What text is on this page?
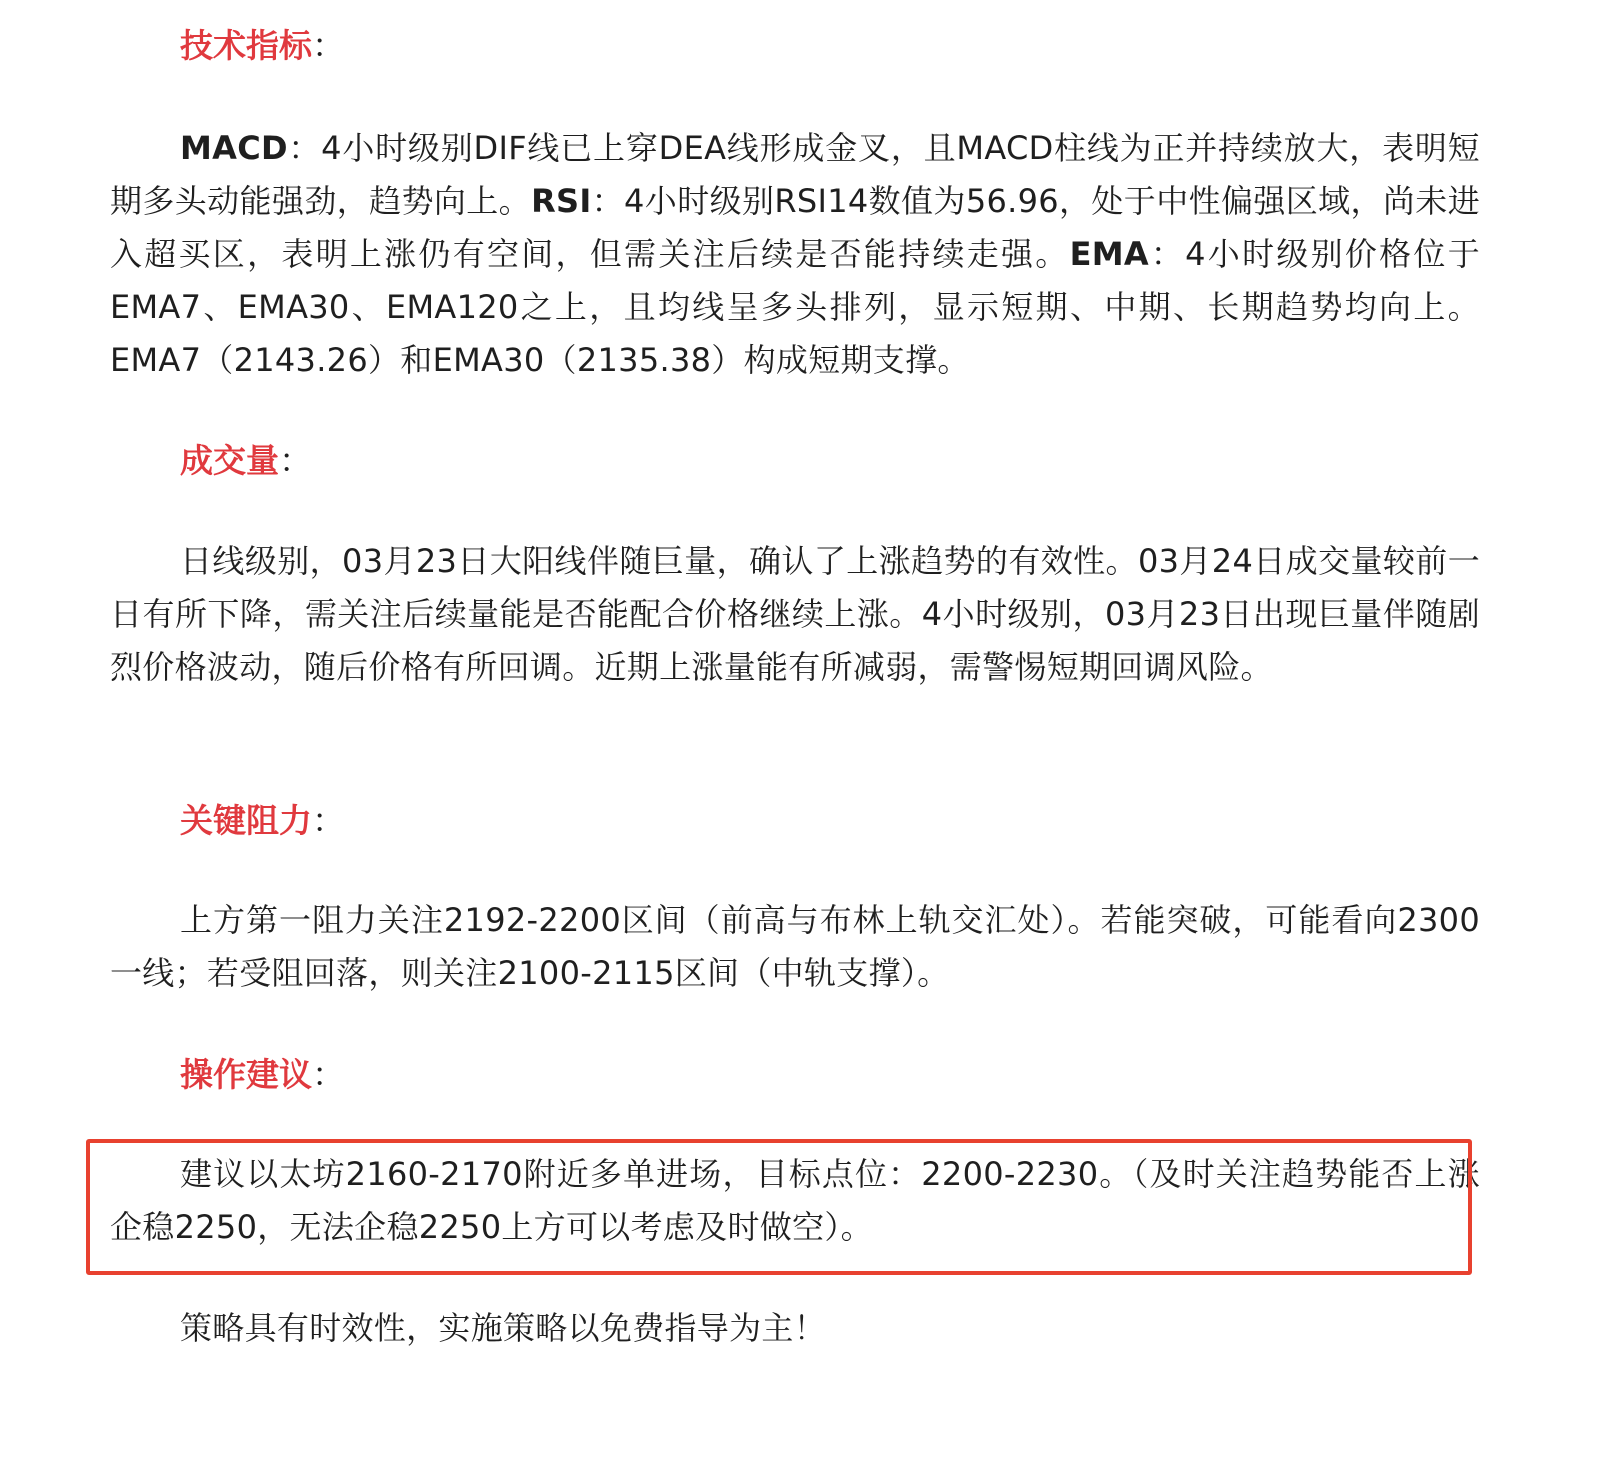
技术指标：
MACD：4小时级别DIF线已上穿DEA线形成金叉，且MACD柱线为正并持续放大，表明短期多头动能强劲，趋势向上。RSI：4小时级别RSI14数值为56.96，处于中性偏强区域，尚未进入超买区，表明上涨仍有空间，但需关注后续是否能持续走强。EMA：4小时级别价格位于EMA7、EMA30、EMA120之上，且均线呈多头排列，显示短期、中期、长期趋势均向上。EMA7（2143.26）和EMA30（2135.38）构成短期支撑。
成交量：
日线级别，03月23日大阳线伴随巨量，确认了上涨趋势的有效性。03月24日成交量较前一日有所下降，需关注后续量能是否能配合价格继续上涨。4小时级别，03月23日出现巨量伴随剧烈价格波动，随后价格有所回调。近期上涨量能有所减弱，需警惕短期回调风险。
关键阻力：
上方第一阻力关注2192-2200区间（前高与布林上轨交汇处）。若能突破，可能看向2300一线；若受阻回落，则关注2100-2115区间（中轨支撑）。
操作建议：
建议以太坊2160-2170附近多单进场，目标点位：2200-2230。（及时关注趋势能否上涨企稳2250，无法企稳2250上方可以考虑及时做空）。
策略具有时效性，实施策略以免费指导为主！
